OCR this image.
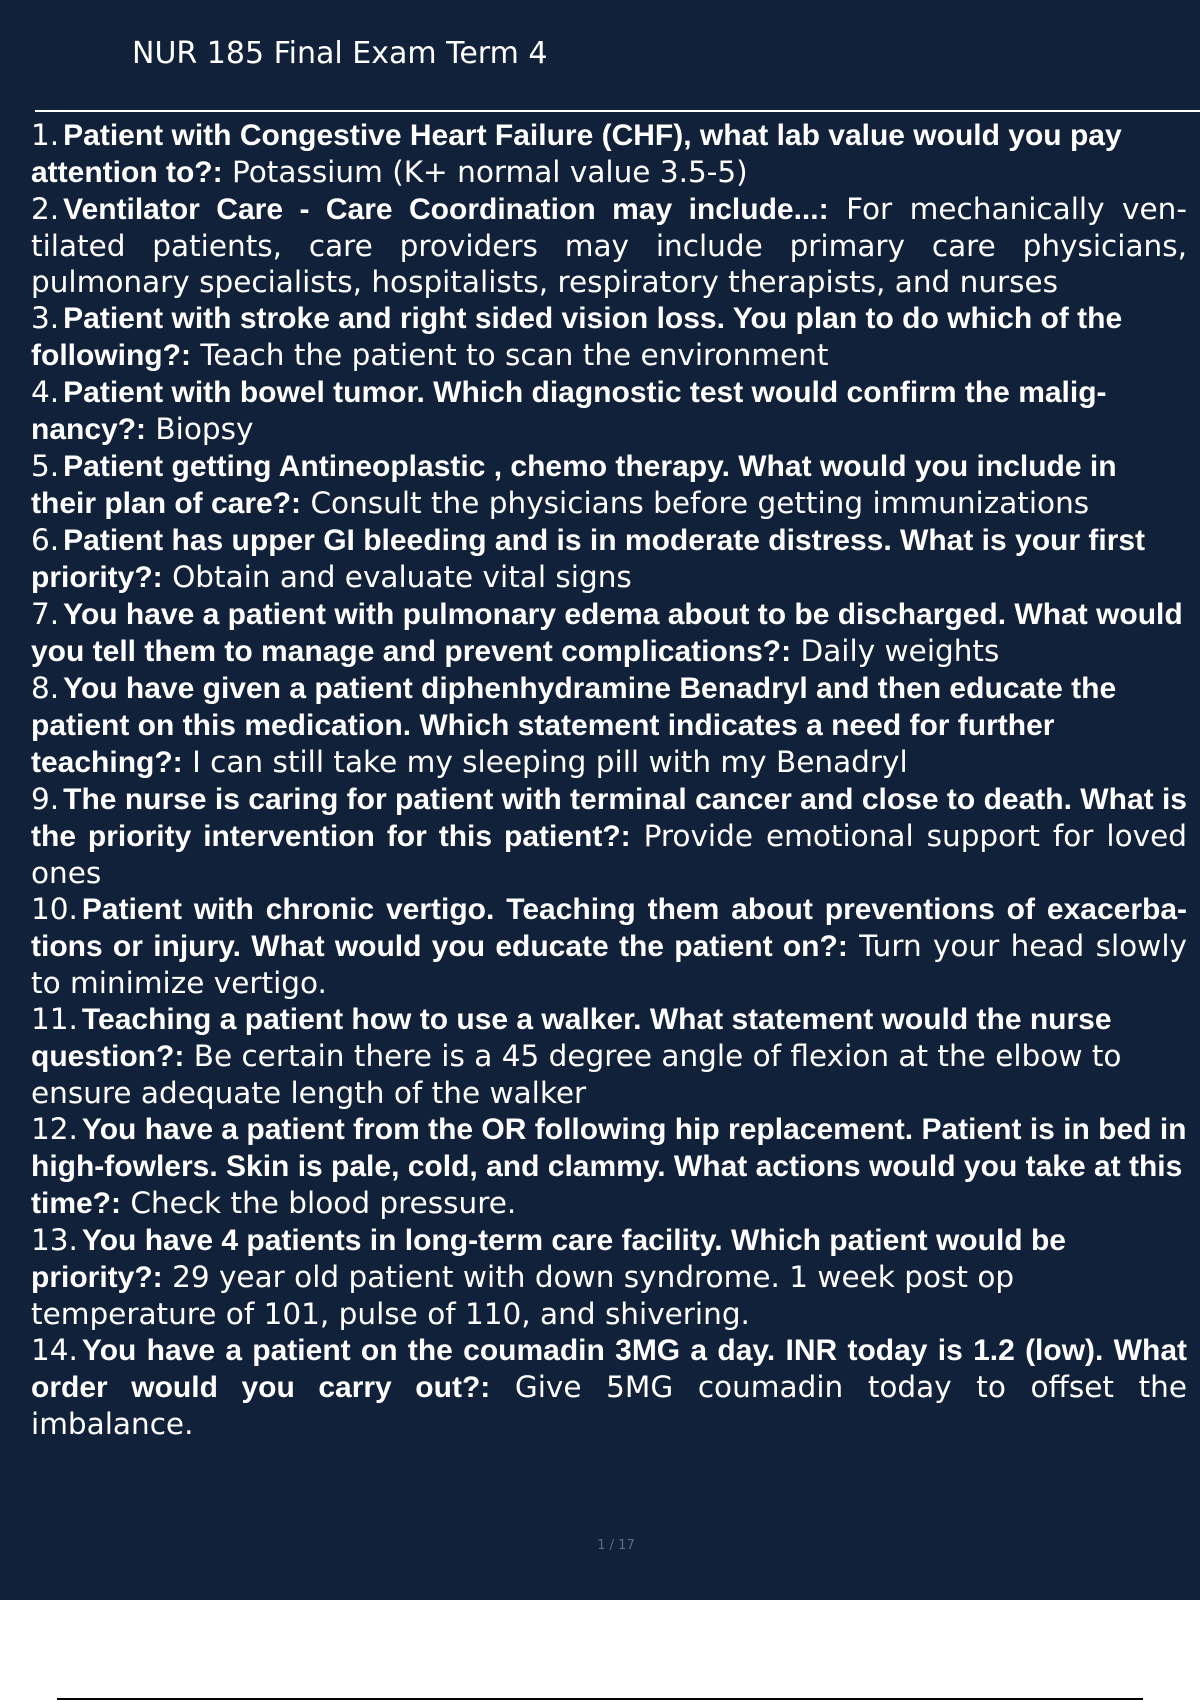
NUR 185 Final Exam Term 4
1. Patient with Congestive Heart Failure (CHF), what lab value would you pay attention to?: Potassium (K+ normal value 3.5-5)
2. Ventilator Care - Care Coordination may include...: For mechanically ven- tilated patients, care providers may include primary care physicians, pulmonary specialists, hospitalists, respiratory therapists, and nurses
3. Patient with stroke and right sided vision loss. You plan to do which of the following?: Teach the patient to scan the environment
4. Patient with bowel tumor. Which diagnostic test would confirm the malig- nancy?: Biopsy
5. Patient getting Antineoplastic , chemo therapy. What would you include in their plan of care?: Consult the physicians before getting immunizations
6. Patient has upper GI bleeding and is in moderate distress. What is your first priority?: Obtain and evaluate vital signs
7. You have a patient with pulmonary edema about to be discharged. What would you tell them to manage and prevent complications?: Daily weights
8. You have given a patient diphenhydramine Benadryl and then educate the patient on this medication. Which statement indicates a need for further teaching?: I can still take my sleeping pill with my Benadryl
9. The nurse is caring for patient with terminal cancer and close to death. What is the priority intervention for this patient?: Provide emotional support for loved ones
10. Patient with chronic vertigo. Teaching them about preventions of exacerba- tions or injury. What would you educate the patient on?: Turn your head slowly to minimize vertigo.
11. Teaching a patient how to use a walker. What statement would the nurse question?: Be certain there is a 45 degree angle of flexion at the elbow to ensure adequate length of the walker
12. You have a patient from the OR following hip replacement. Patient is in bed in high-fowlers. Skin is pale, cold, and clammy. What actions would you take at this time?: Check the blood pressure.
13. You have 4 patients in long-term care facility. Which patient would be priority?: 29 year old patient with down syndrome. 1 week post op temperature of 101, pulse of 110, and shivering.
14. You have a patient on the coumadin 3MG a day. INR today is 1.2 (low). What order would you carry out?: Give 5MG coumadin today to offset the imbalance.
1 / 17
